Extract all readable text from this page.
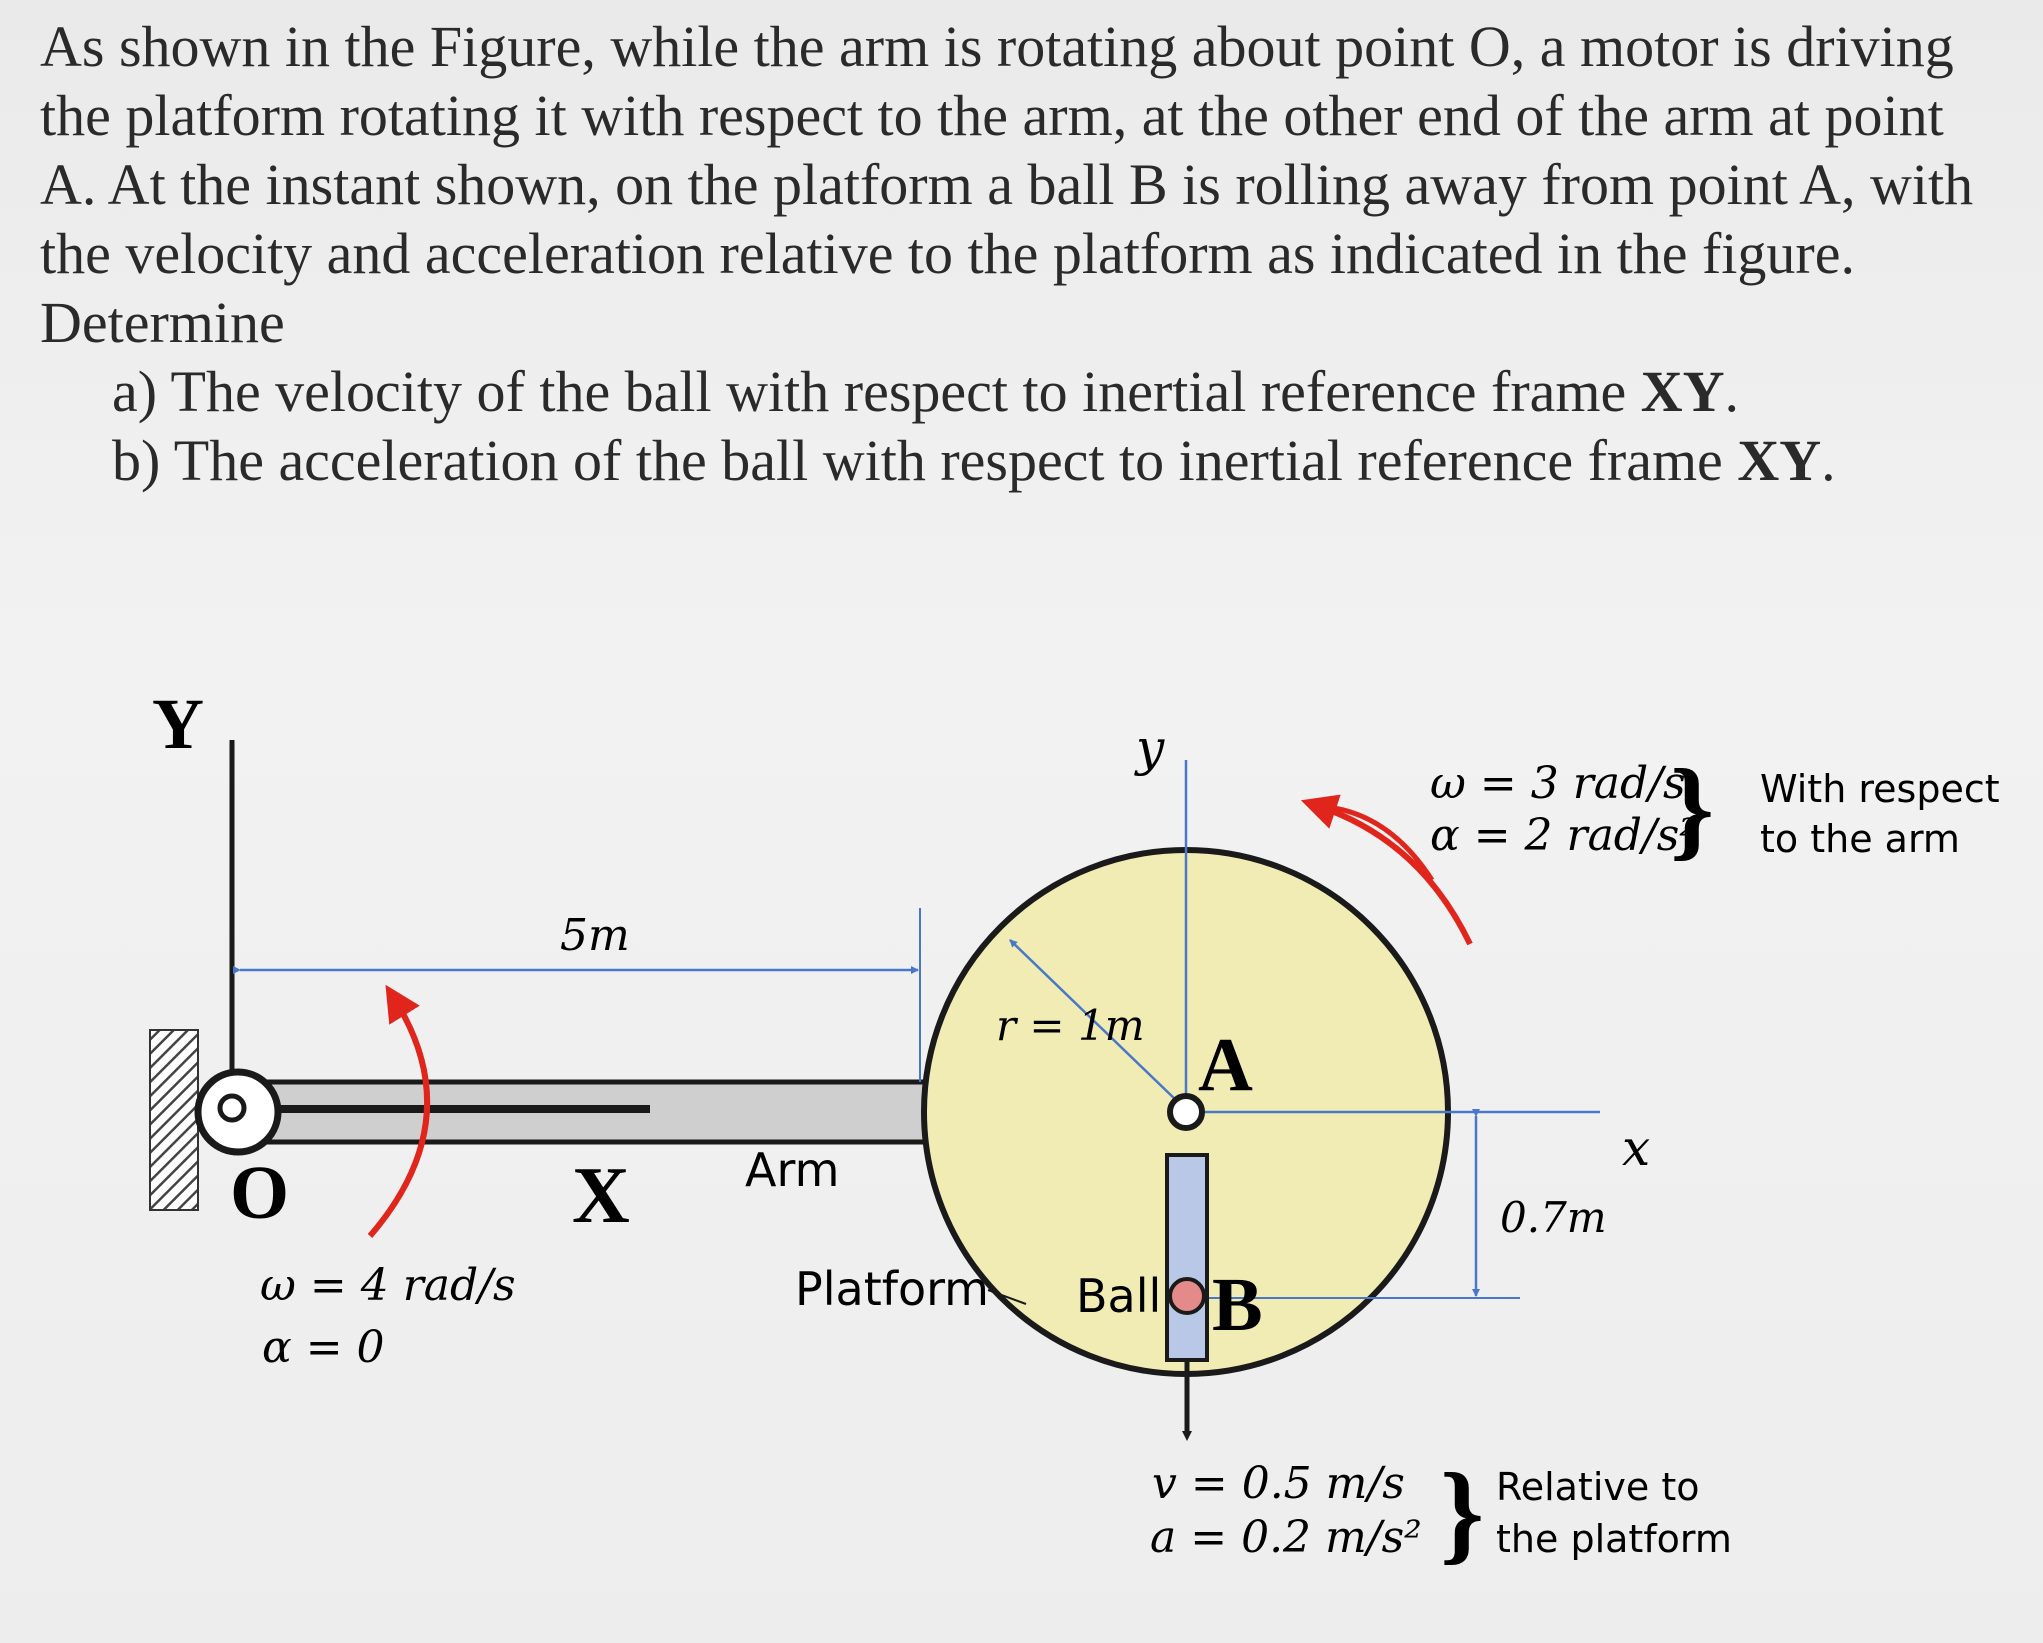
As shown in the Figure, while the arm is rotating about point O, a motor is driving the platform rotating it with respect to the arm, at the other end of the arm at point A. At the instant shown, on the platform a ball B is rolling away from point A, with the velocity and acceleration relative to the platform as indicated in the figure. Determine

a) The velocity of the ball with respect to inertial reference frame XY.

b) The acceleration of the ball with respect to inertial reference frame XY.

Y
Arm
O	X
ω = 4 rad/s
α = 0
5m
Platform
r = 1m
y
x
0.7m
A
Ball B
ω = 3 rad/s
α = 2 rad/s²
} With respect
to the arm
v = 0.5 m/s
a = 0.2 m/s² } Relative to
the platform
